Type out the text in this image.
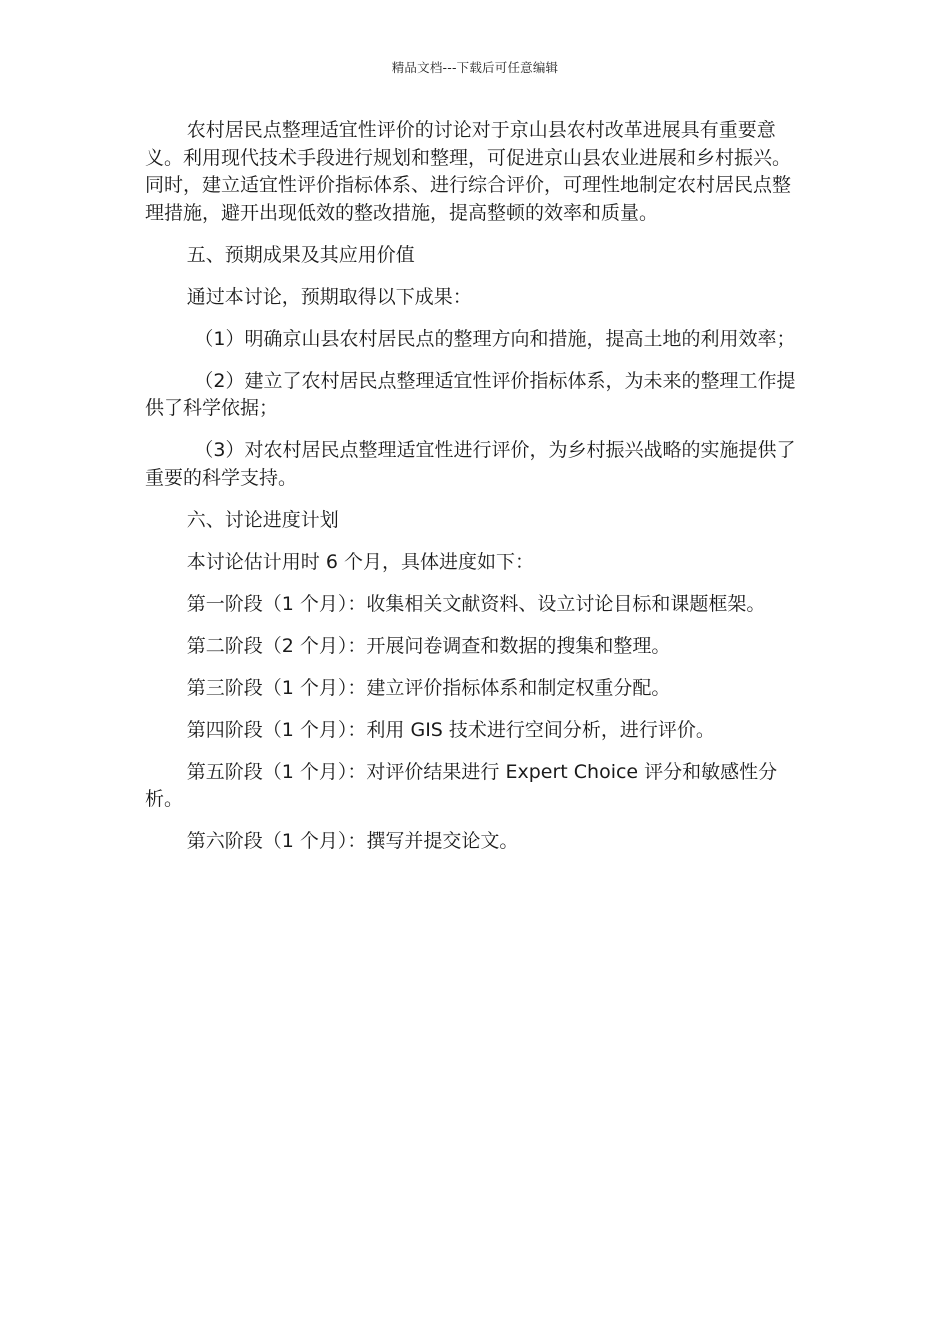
精品文档---下载后可任意编辑

农村居民点整理适宜性评价的讨论对于京山县农村改革进展具有重要意义。利用现代技术手段进行规划和整理，可促进京山县农业进展和乡村振兴。同时，建立适宜性评价指标体系、进行综合评价，可理性地制定农村居民点整理措施，避开出现低效的整改措施，提高整顿的效率和质量。

五、预期成果及其应用价值

通过本讨论，预期取得以下成果：

（1）明确京山县农村居民点的整理方向和措施，提高土地的利用效率；

（2）建立了农村居民点整理适宜性评价指标体系，为未来的整理工作提供了科学依据；

（3）对农村居民点整理适宜性进行评价，为乡村振兴战略的实施提供了重要的科学支持。

六、讨论进度计划

本讨论估计用时 6 个月，具体进度如下：

第一阶段（1 个月）：收集相关文献资料、设立讨论目标和课题框架。

第二阶段（2 个月）：开展问卷调查和数据的搜集和整理。

第三阶段（1 个月）：建立评价指标体系和制定权重分配。

第四阶段（1 个月）：利用 GIS 技术进行空间分析，进行评价。

第五阶段（1 个月）：对评价结果进行 Expert Choice 评分和敏感性分析。

第六阶段（1 个月）：撰写并提交论文。
